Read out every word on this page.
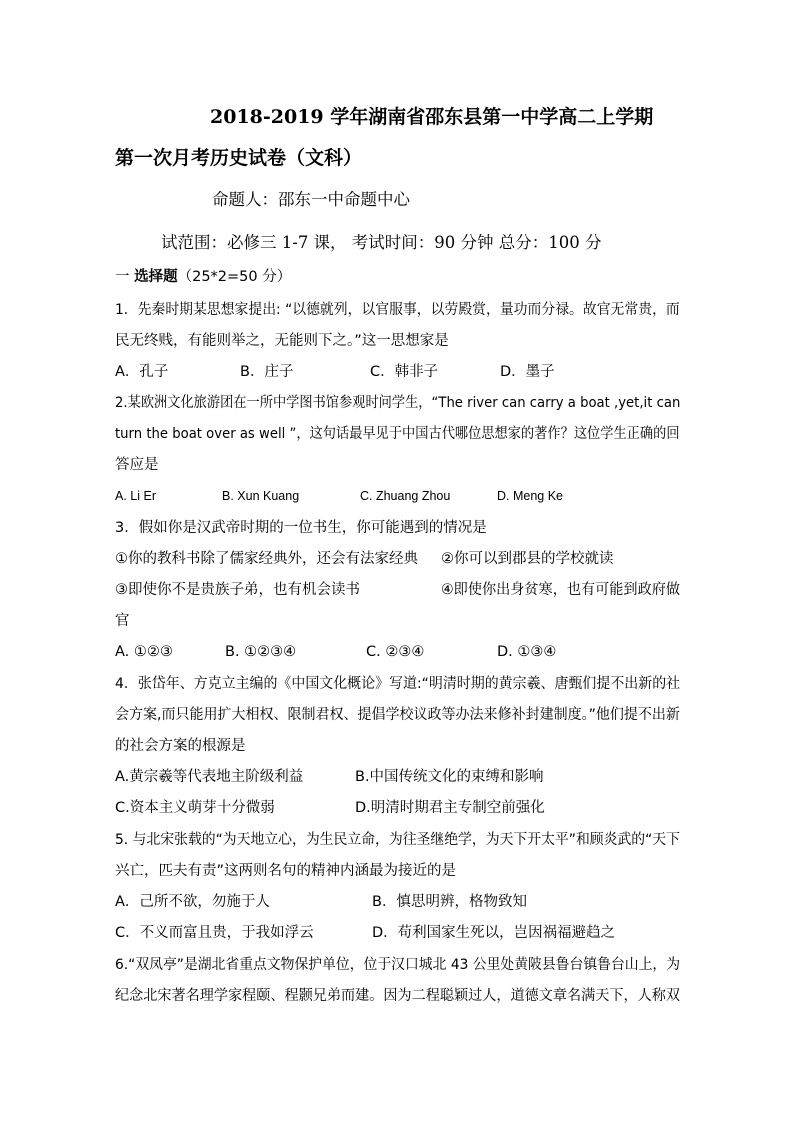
2018-2019 学年湖南省邵东县第一中学高二上学期
第一次月考历史试卷（文科）
命题人：邵东一中命题中心
试范围：必修三 1-7 课， 考试时间：90 分钟 总分：100 分
一 选择题（25*2=50 分）
1．先秦时期某思想家提出: “以德就列，以官服事，以劳殿赏，量功而分禄。故官无常贵，而
民无终贱，有能则举之，无能则下之。”这一思想家是
A．孔子	B．庄子	C．韩非子	D．墨子
2.某欧洲文化旅游团在一所中学图书馆参观时问学生，“The river can carry a boat ,yet,it can
turn the boat over as well ”，这句话最早见于中国古代哪位思想家的著作？这位学生正确的回
答应是
A. Li Er	B. Xun Kuang	C. Zhuang Zhou	D. Meng Ke
3．假如你是汉武帝时期的一位书生，你可能遇到的情况是
①你的教科书除了儒家经典外，还会有法家经典 ②你可以到郡县的学校就读
③即使你不是贵族子弟，也有机会读书	④即使你出身贫寒，也有可能到政府做
官
A. ①②③	B. ①②③④	C. ②③④	D. ①③④
4．张岱年、方克立主编的《中国文化概论》写道:“明清时期的黄宗羲、唐甄们提不出新的社
会方案,而只能用扩大相权、限制君权、提倡学校议政等办法来修补封建制度。”他们提不出新
的社会方案的根源是
A.黄宗羲等代表地主阶级利益	B.中国传统文化的束缚和影响
C.资本主义萌芽十分微弱	D.明清时期君主专制空前强化
5. 与北宋张载的“为天地立心，为生民立命，为往圣继绝学，为天下开太平”和顾炎武的“天下
兴亡，匹夫有责”这两则名句的精神内涵最为接近的是
A．己所不欲，勿施于人	B．慎思明辨，格物致知
C．不义而富且贵，于我如浮云	D．苟利国家生死以，岂因祸福避趋之
6.“双凤亭”是湖北省重点文物保护单位，位于汉口城北 43 公里处黄陂县鲁台镇鲁台山上，为
纪念北宋著名理学家程颐、程颢兄弟而建。因为二程聪颖过人，道德文章名满天下，人称双
